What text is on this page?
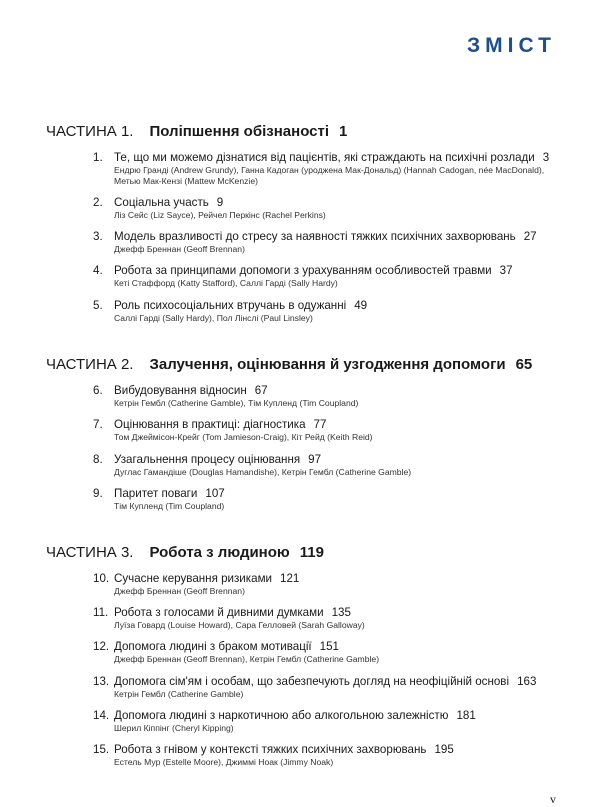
ЗМІСТ
ЧАСТИНА 1. Поліпшення обізнаності 1
1. Те, що ми можемо дізнатися від пацієнтів, які страждають на психічні розлади 3
Ендрю Гранді (Andrew Grundy), Ганна Кадоган (уроджена Мак-Дональд) (Hannah Cadogan, née MacDonald),
Метью Мак-Кензі (Mattew McKenzie)
2. Соціальна участь 9
Ліз Сейс (Liz Sayce), Рейчел Перкінс (Rachel Perkins)
3. Модель вразливості до стресу за наявності тяжких психічних захворювань 27
Джефф Бреннан (Geoff Brennan)
4. Робота за принципами допомоги з урахуванням особливостей травми 37
Кеті Стаффорд (Katty Stafford), Саллі Гарді (Sally Hardy)
5. Роль психосоціальних втручань в одужанні 49
Саллі Гарді (Sally Hardy), Пол Лінслі (Paul Linsley)
ЧАСТИНА 2. Залучення, оцінювання й узгодження допомоги 65
6. Вибудовування відносин 67
Кетрін Гембл (Catherine Gamble), Тім Купленд (Tim Coupland)
7. Оцінювання в практиці: діагностика 77
Том Джеймісон-Крейг (Tom Jamieson-Craig), Кіт Рейд (Keith Reid)
8. Узагальнення процесу оцінювання 97
Дуглас Гамандіше (Douglas Hamandishe), Кетрін Гембл (Catherine Gamble)
9. Паритет поваги 107
Тім Купленд (Tim Coupland)
ЧАСТИНА 3. Робота з людиною 119
10. Сучасне керування ризиками 121
Джефф Бреннан (Geoff Brennan)
11. Робота з голосами й дивними думками 135
Луїза Говард (Louise Howard), Сара Гелловей (Sarah Galloway)
12. Допомога людині з браком мотивації 151
Джефф Бреннан (Geoff Brennan), Кетрін Гембл (Catherine Gamble)
13. Допомога сім'ям і особам, що забезпечують догляд на неофіційній основі 163
Кетрін Гембл (Catherine Gamble)
14. Допомога людині з наркотичною або алкогольною залежністю 181
Шерил Кіппінг (Cheryl Kipping)
15. Робота з гнівом у контексті тяжких психічних захворювань 195
Естель Мур (Estelle Moore), Джиммі Ноак (Jimmy Noak)
v
